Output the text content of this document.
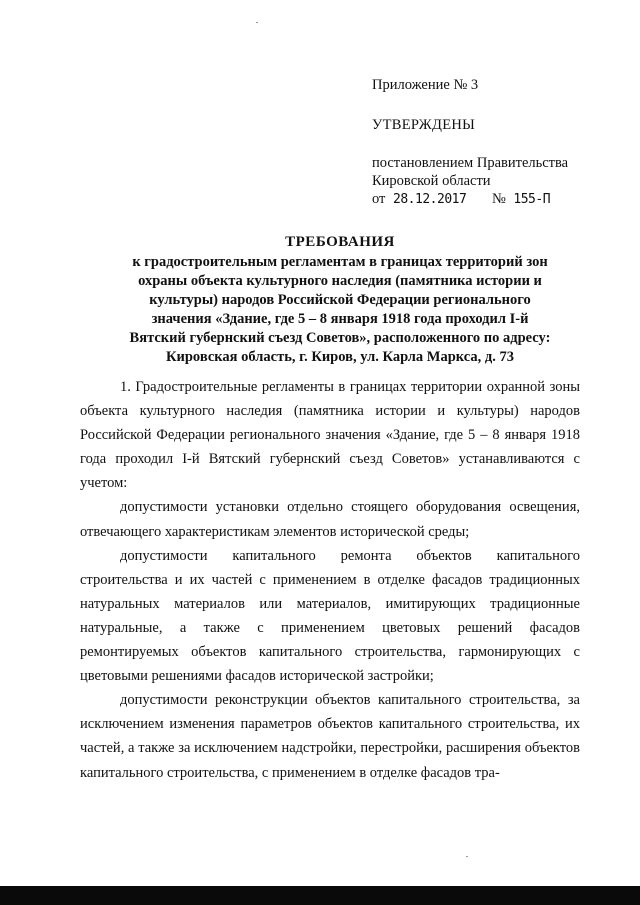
Приложение № 3
УТВЕРЖДЕНЫ
постановлением Правительства
Кировской области
от 28.12.2017 № 155-П
ТРЕБОВАНИЯ
к градостроительным регламентам в границах территорий зон
охраны объекта культурного наследия (памятника истории и
культуры) народов Российской Федерации регионального
значения «Здание, где 5 – 8 января 1918 года проходил I-й
Вятский губернский съезд Советов», расположенного по адресу:
Кировская область, г. Киров, ул. Карла Маркса, д. 73

1. Градостроительные регламенты в границах территории охранной зоны объекта культурного наследия (памятника истории и культуры) народов Российской Федерации регионального значения «Здание, где 5 – 8 января 1918 года проходил I-й Вятский губернский съезд Советов» устанавливаются с учетом:

допустимости установки отдельно стоящего оборудования освещения, отвечающего характеристикам элементов исторической среды;

допустимости капитального ремонта объектов капитального строительства и их частей с применением в отделке фасадов традиционных натуральных материалов или материалов, имитирующих традиционные натуральные, а также с применением цветовых решений фасадов ремонтируемых объектов капитального строительства, гармонирующих с цветовыми решениями фасадов исторической застройки;

допустимости реконструкции объектов капитального строительства, за исключением изменения параметров объектов капитального строительства, их частей, а также за исключением надстройки, перестройки, расширения объектов капитального строительства, с применением в отделке фасадов тра-
